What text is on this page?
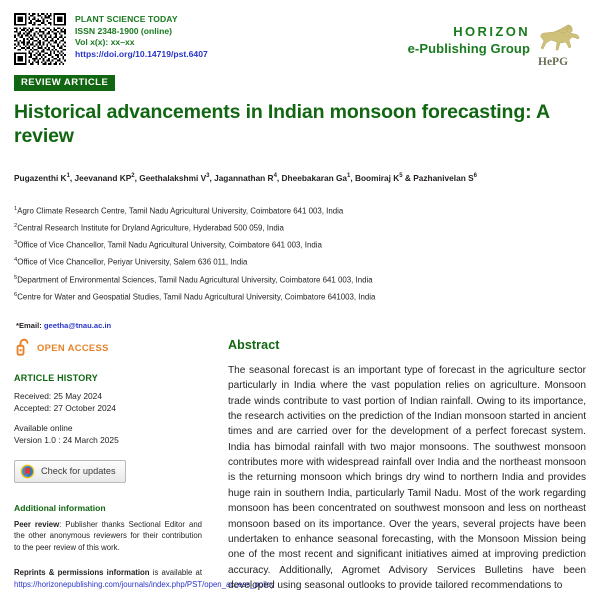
PLANT SCIENCE TODAY
ISSN 2348-1900 (online)
Vol x(x): xx–xx
https://doi.org/10.14719/pst.6407
HORIZON
e-Publishing Group
HePG
REVIEW ARTICLE
Historical advancements in Indian monsoon forecasting: A review
Pugazenthi $K^1$, Jeevanand $KP^2$, Geethalakshmi $V^3$, Jagannathan $R^4$, Dheebakaran Ga$^1$, Boomiraj $K^5$ & Pazhanivelan $S^6$
$^1$Agro Climate Research Centre, Tamil Nadu Agricultural University, Coimbatore 641 003, India
$^2$Central Research Institute for Dryland Agriculture, Hyderabad 500 059, India
$^3$Office of Vice Chancellor, Tamil Nadu Agricultural University, Coimbatore 641 003, India
$^4$Office of Vice Chancellor, Periyar University, Salem 636 011, India
$^5$Department of Environmental Sciences, Tamil Nadu Agricultural University, Coimbatore 641 003, India
$^6$Centre for Water and Geospatial Studies, Tamil Nadu Agricultural University, Coimbatore 641003, India
*Email: geetha@tnau.ac.in
OPEN ACCESS
ARTICLE HISTORY
Received: 25 May 2024
Accepted: 27 October 2024
Available online
Version 1.0 : 24 March 2025
Check for updates
Additional information
Peer review: Publisher thanks Sectional Editor and the other anonymous reviewers for their contribution to the peer review of this work.
Reprints & permissions information is available at https://horizonepublishing.com/journals/index.php/PST/open_access_policy
Abstract
The seasonal forecast is an important type of forecast in the agriculture sector particularly in India where the vast population relies on agriculture. Monsoon trade winds contribute to vast portion of Indian rainfall. Owing to its importance, the research activities on the prediction of the Indian monsoon started in ancient times and are carried over for the development of a perfect forecast system. India has bimodal rainfall with two major monsoons. The southwest monsoon contributes more with widespread rainfall over India and the northeast monsoon is the returning monsoon which brings dry wind to northern India and provides huge rain in southern India, particularly Tamil Nadu. Most of the work regarding monsoon has been concentrated on southwest monsoon and less on northeast monsoon based on its importance. Over the years, several projects have been undertaken to enhance seasonal forecasting, with the Monsoon Mission being one of the most recent and significant initiatives aimed at improving prediction accuracy. Additionally, Agromet Advisory Services Bulletins have been developed using seasonal outlooks to provide tailored recommendations to
